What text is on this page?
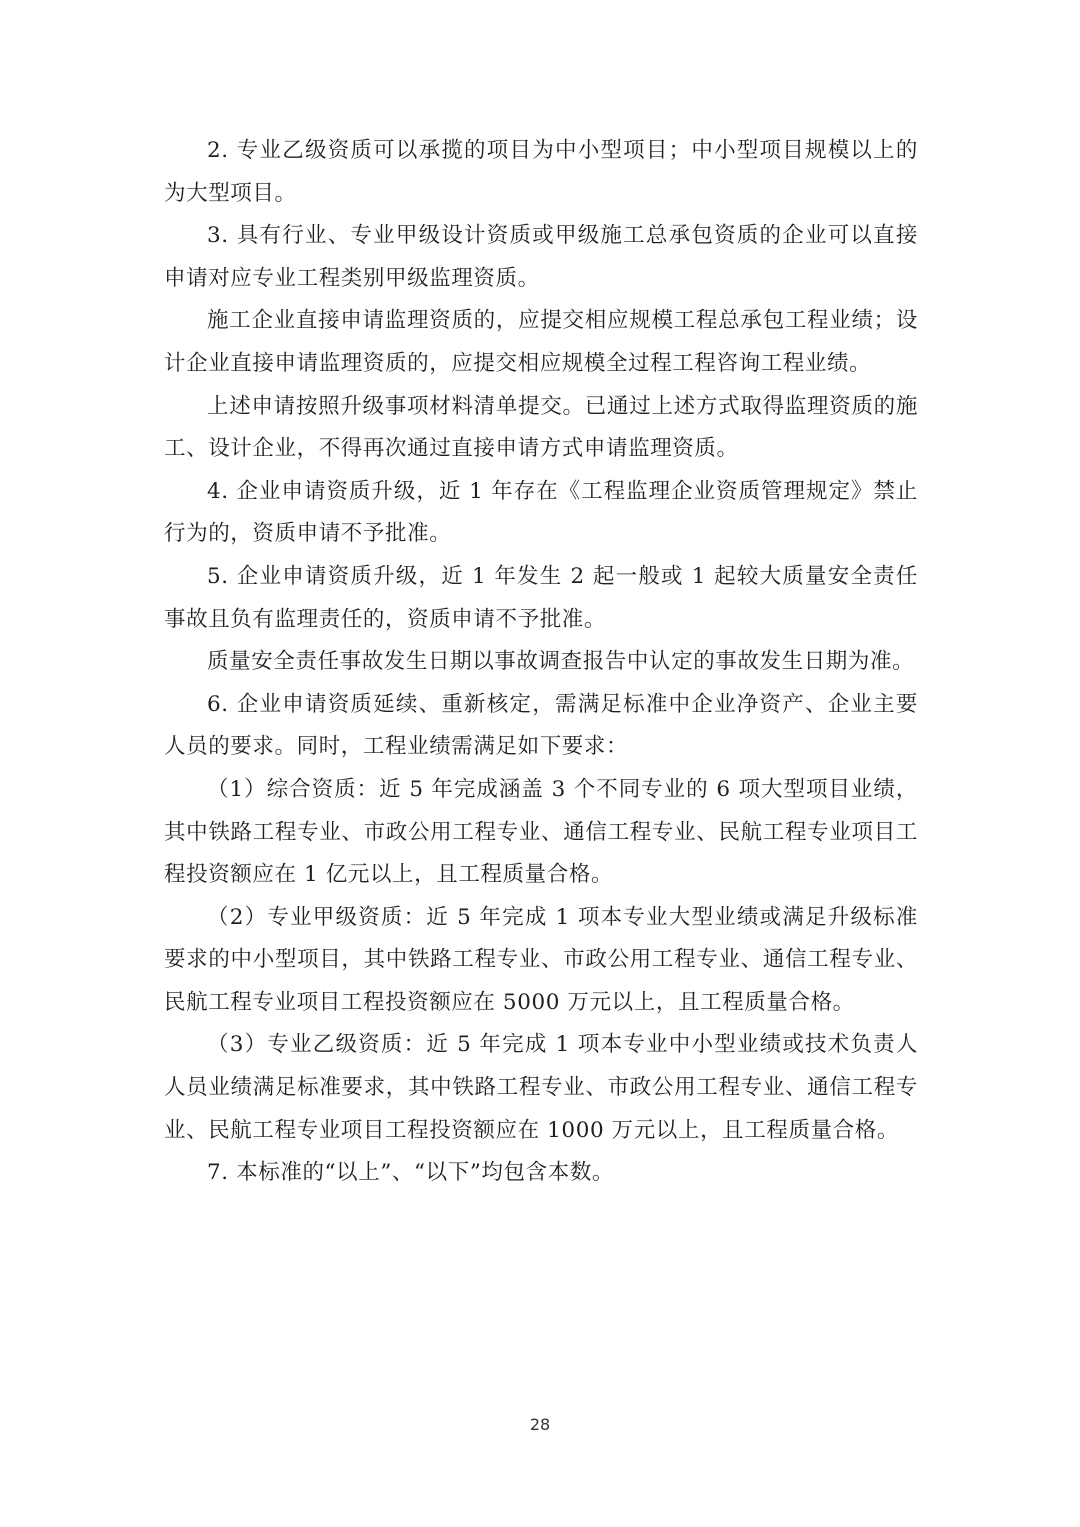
2. 专业乙级资质可以承揽的项目为中小型项目；中小型项目规模以上的为大型项目。

3. 具有行业、专业甲级设计资质或甲级施工总承包资质的企业可以直接申请对应专业工程类别甲级监理资质。

施工企业直接申请监理资质的，应提交相应规模工程总承包工程业绩；设计企业直接申请监理资质的，应提交相应规模全过程工程咨询工程业绩。

上述申请按照升级事项材料清单提交。已通过上述方式取得监理资质的施工、设计企业，不得再次通过直接申请方式申请监理资质。

4. 企业申请资质升级，近 1 年存在《工程监理企业资质管理规定》禁止行为的，资质申请不予批准。

5. 企业申请资质升级，近 1 年发生 2 起一般或 1 起较大质量安全责任事故且负有监理责任的，资质申请不予批准。

质量安全责任事故发生日期以事故调查报告中认定的事故发生日期为准。

6. 企业申请资质延续、重新核定，需满足标准中企业净资产、企业主要人员的要求。同时，工程业绩需满足如下要求：

（1）综合资质：近 5 年完成涵盖 3 个不同专业的 6 项大型项目业绩，其中铁路工程专业、市政公用工程专业、通信工程专业、民航工程专业项目工程投资额应在 1 亿元以上，且工程质量合格。

（2）专业甲级资质：近 5 年完成 1 项本专业大型业绩或满足升级标准要求的中小型项目，其中铁路工程专业、市政公用工程专业、通信工程专业、民航工程专业项目工程投资额应在 5000 万元以上，且工程质量合格。

（3）专业乙级资质：近 5 年完成 1 项本专业中小型业绩或技术负责人人员业绩满足标准要求，其中铁路工程专业、市政公用工程专业、通信工程专业、民航工程专业项目工程投资额应在 1000 万元以上，且工程质量合格。

7. 本标准的“以上”、“以下”均包含本数。

28
